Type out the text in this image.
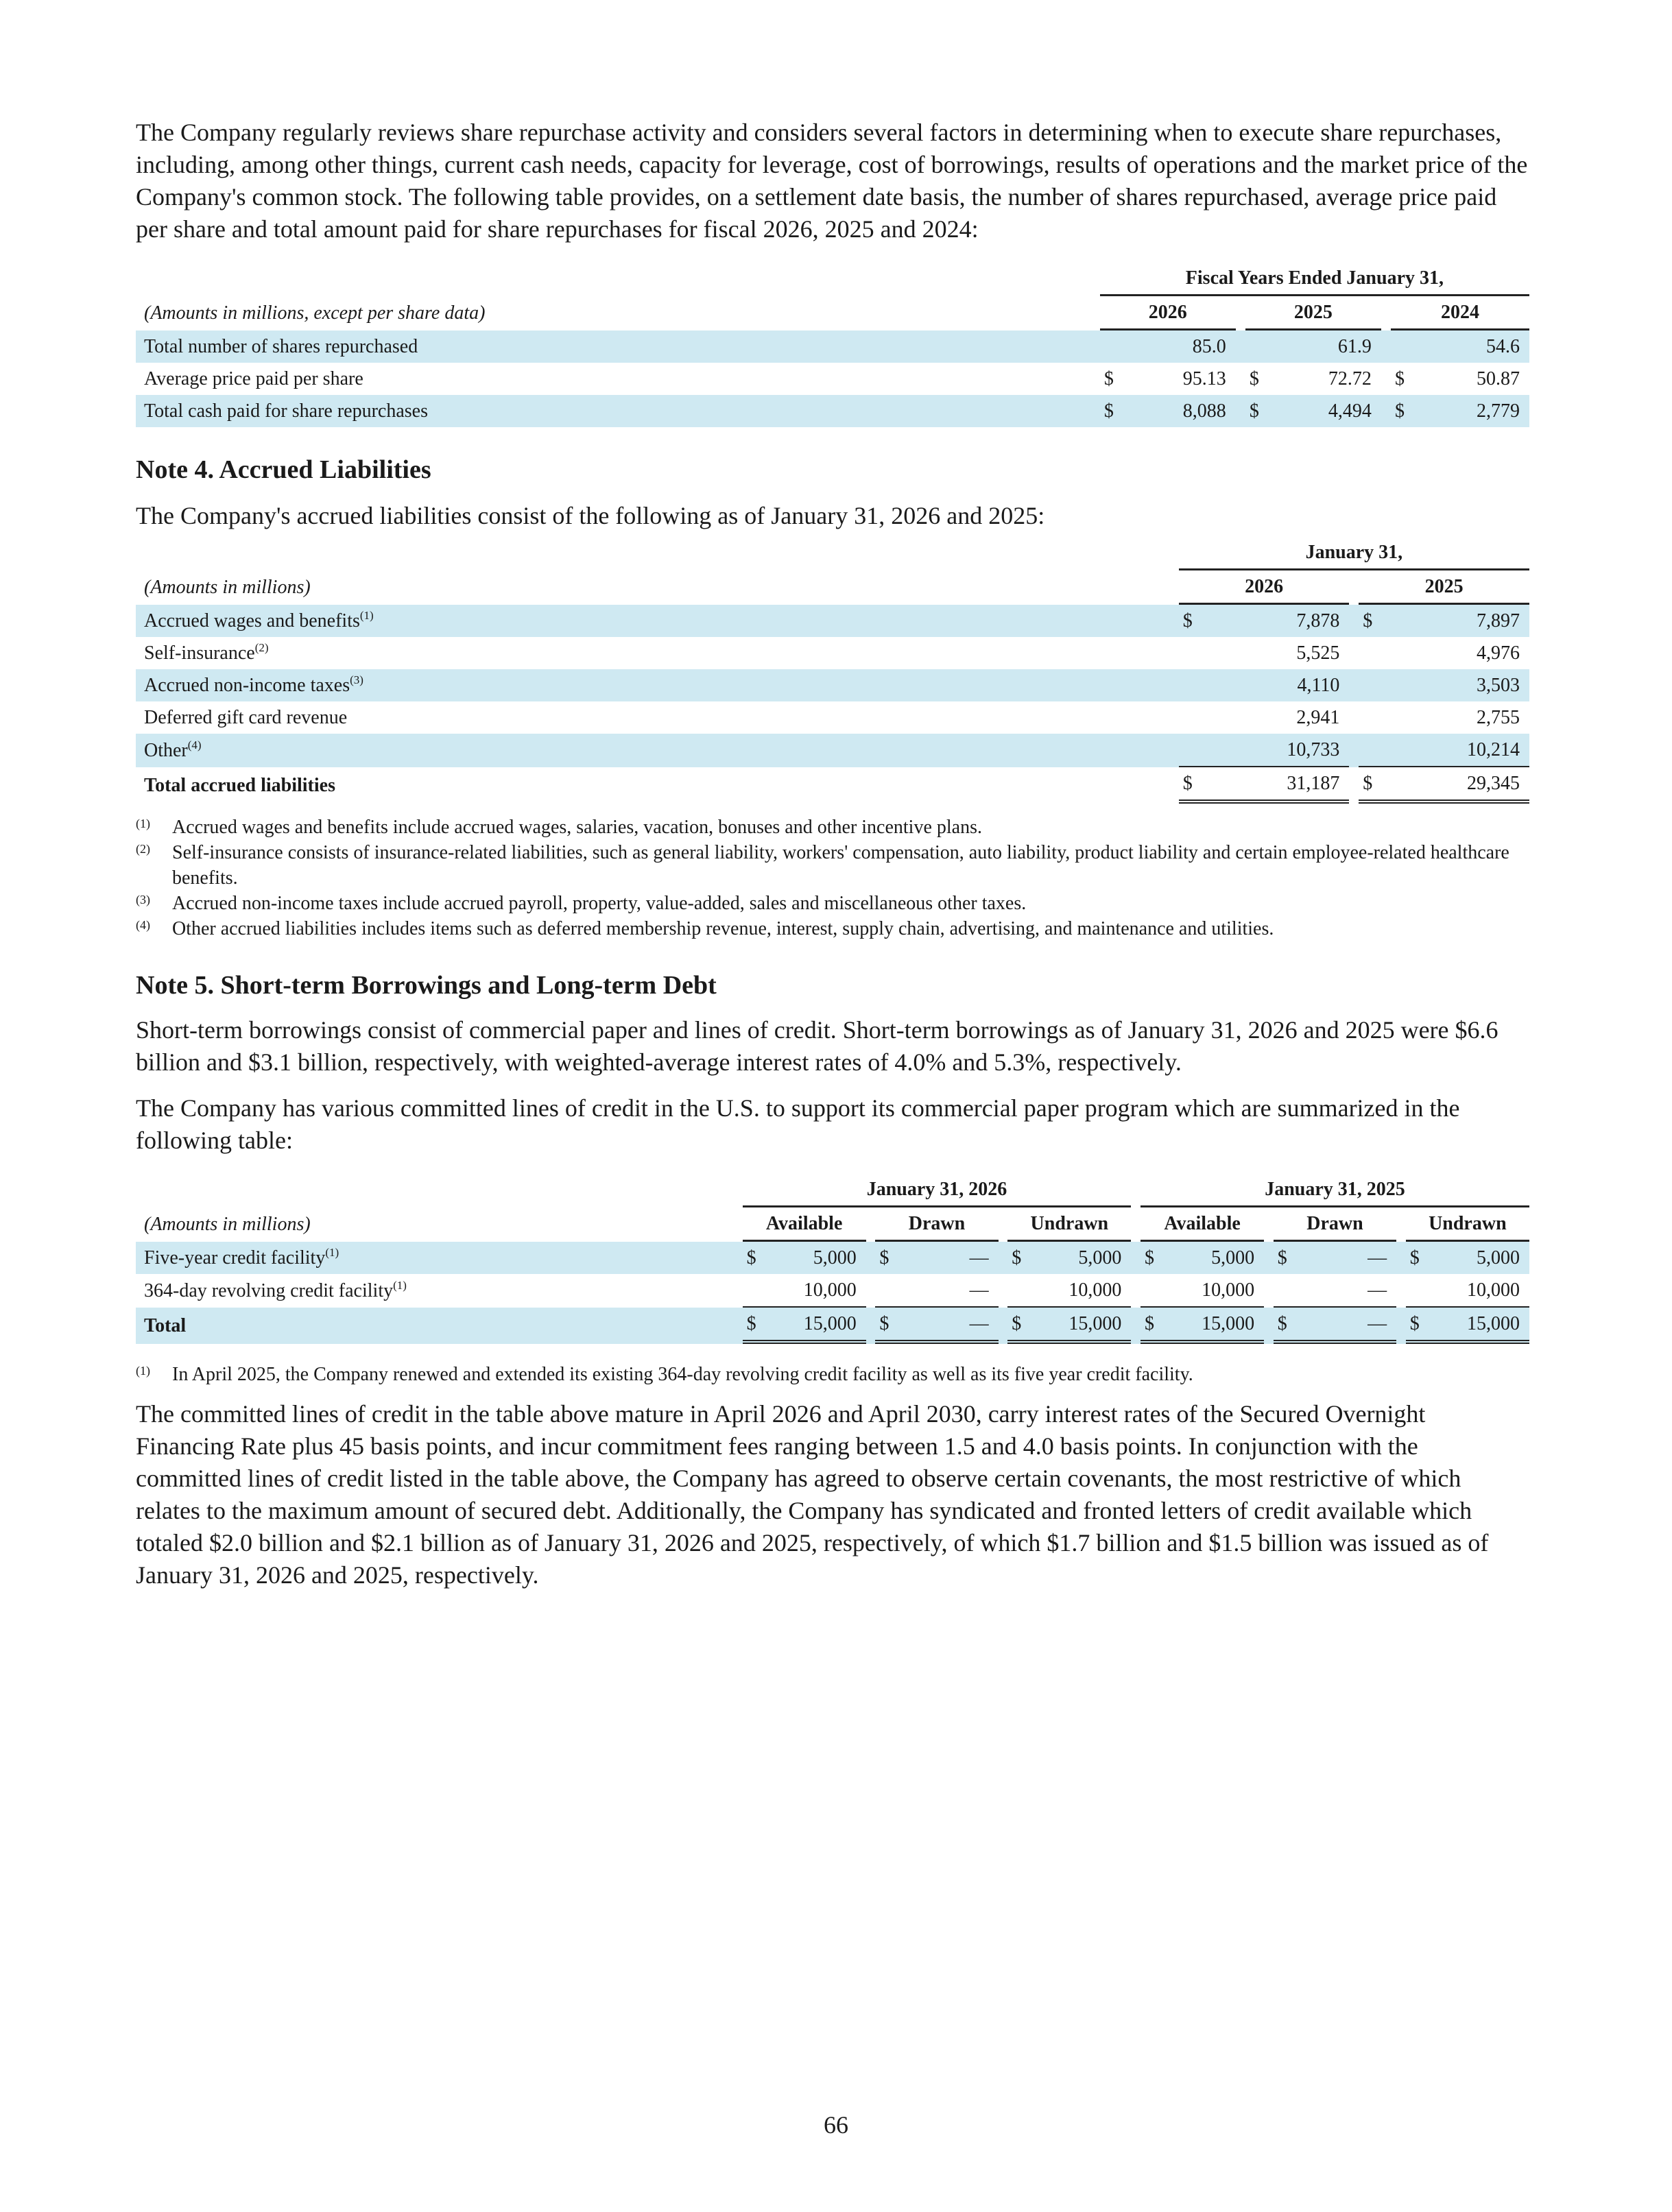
The Company regularly reviews share repurchase activity and considers several factors in determining when to execute share repurchases, including, among other things, current cash needs, capacity for leverage, cost of borrowings, results of operations and the market price of the Company's common stock. The following table provides, on a settlement date basis, the number of shares repurchased, average price paid per share and total amount paid for share repurchases for fiscal 2026, 2025 and 2024:

		Fiscal Years Ended January 31,							
(Amounts in millions, except per share data)		2026			2025			2024	
Total number of shares repurchased			85.0			61.9			54.6
Average price paid per share		$	95.13		$	72.72		$	50.87
Total cash paid for share repurchases		$	8,088		$	4,494		$	2,779
Note 4. Accrued Liabilities

The Company's accrued liabilities consist of the following as of January 31, 2026 and 2025:

		January 31,				
(Amounts in millions)		2026			2025	
Accrued wages and benefits$^{(1)}$		$	7,878		$	7,897
Self-insurance$^{(2)}$			5,525			4,976
Accrued non-income taxes$^{(3)}$			4,110			3,503
Deferred gift card revenue			2,941			2,755
Other$^{(4)}$			10,733			10,214
Total accrued liabilities		$	31,187		$	29,345

(1) Accrued wages and benefits include accrued wages, salaries, vacation, bonuses and other incentive plans.

(2) Self-insurance consists of insurance-related liabilities, such as general liability, workers' compensation, auto liability, product liability and certain employee-related healthcare benefits.

(3) Accrued non-income taxes include accrued payroll, property, value-added, sales and miscellaneous other taxes.

(4) Other accrued liabilities includes items such as deferred membership revenue, interest, supply chain, advertising, and maintenance and utilities.

Note 5. Short-term Borrowings and Long-term Debt

Short-term borrowings consist of commercial paper and lines of credit. Short-term borrowings as of January 31, 2026 and 2025 were $6.6 billion and $3.1 billion, respectively, with weighted-average interest rates of 4.0% and 5.3%, respectively.

The Company has various committed lines of credit in the U.S. to support its commercial paper program which are summarized in the following table:

		January 31, 2026									January 31, 2025							
(Amounts in millions)		Available			Drawn			Undrawn			Available			Drawn			Undrawn	
Five-year credit facility$^{(1)}$		$	5,000		$	—		$	5,000		$	5,000		$	—		$	5,000
364-day revolving credit facility$^{(1)}$			10,000			—			10,000			10,000			—			10,000
Total		$	15,000		$	—		$	15,000		$	15,000		$	—		$	15,000

(1) In April 2025, the Company renewed and extended its existing 364-day revolving credit facility as well as its five year credit facility.

The committed lines of credit in the table above mature in April 2026 and April 2030, carry interest rates of the Secured Overnight Financing Rate plus 45 basis points, and incur commitment fees ranging between 1.5 and 4.0 basis points. In conjunction with the committed lines of credit listed in the table above, the Company has agreed to observe certain covenants, the most restrictive of which relates to the maximum amount of secured debt. Additionally, the Company has syndicated and fronted letters of credit available which totaled $2.0 billion and $2.1 billion as of January 31, 2026 and 2025, respectively, of which $1.7 billion and $1.5 billion was issued as of January 31, 2026 and 2025, respectively.

66
